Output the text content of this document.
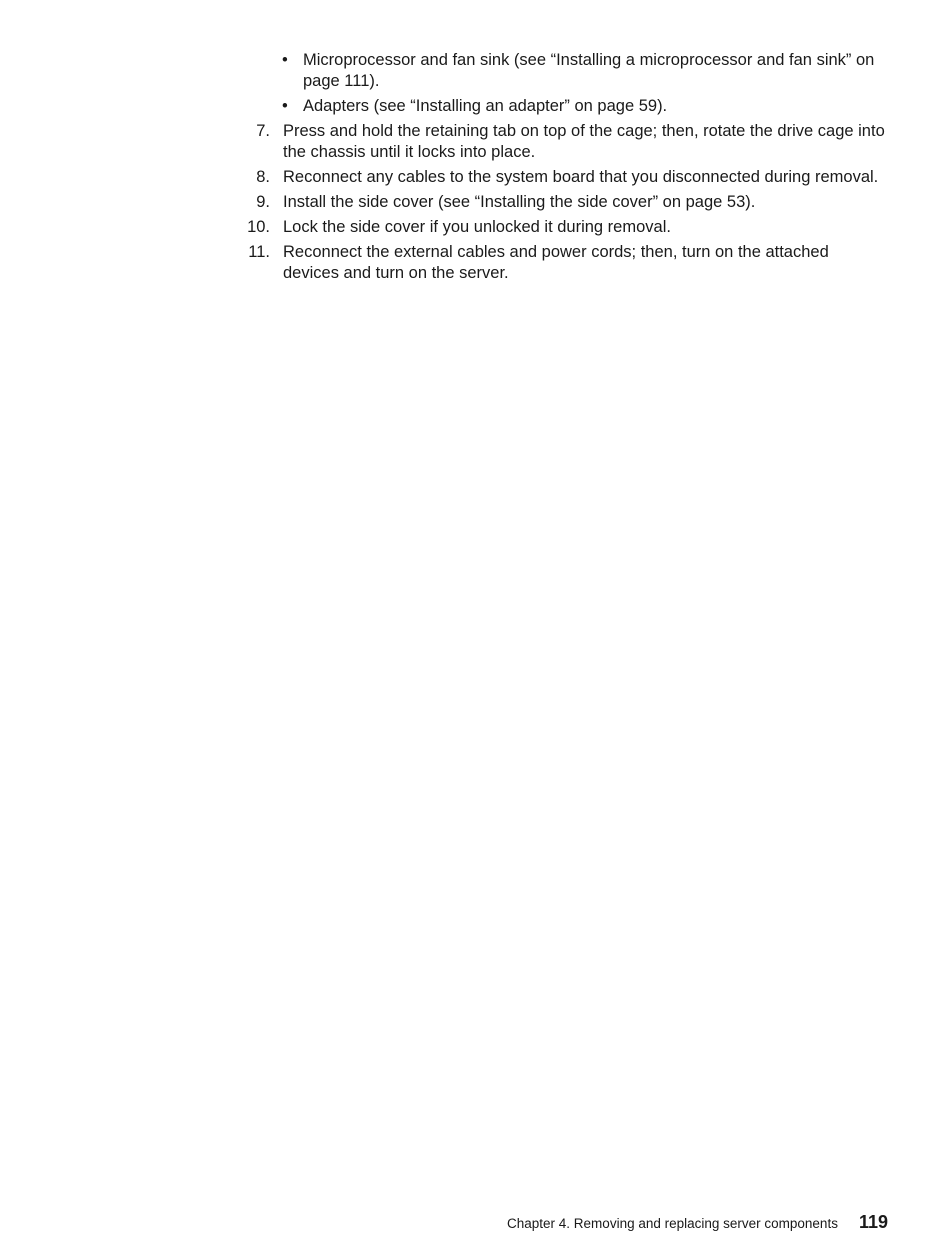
• Microprocessor and fan sink (see “Installing a microprocessor and fan sink” on page 111).
• Adapters (see “Installing an adapter” on page 59).
7. Press and hold the retaining tab on top of the cage; then, rotate the drive cage into the chassis until it locks into place.
8. Reconnect any cables to the system board that you disconnected during removal.
9. Install the side cover (see “Installing the side cover” on page 53).
10. Lock the side cover if you unlocked it during removal.
11. Reconnect the external cables and power cords; then, turn on the attached devices and turn on the server.
Chapter 4. Removing and replacing server components 119
